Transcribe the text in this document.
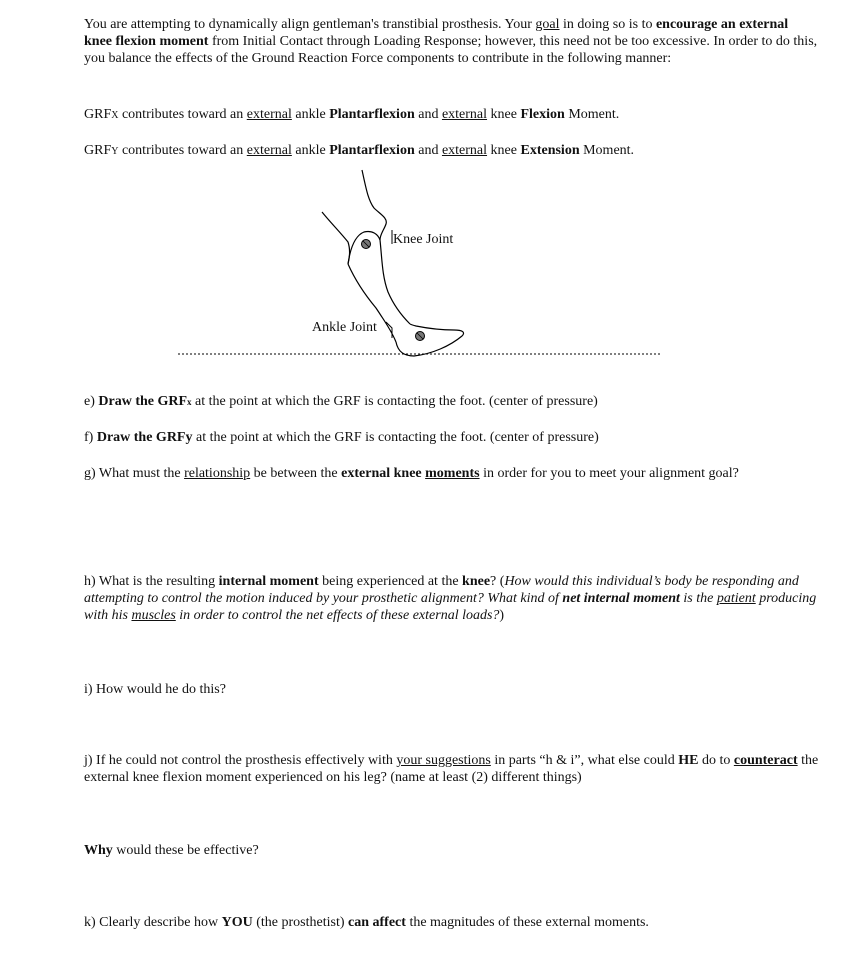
You are attempting to dynamically align gentleman's transtibial prosthesis. Your goal in doing so is to encourage an external knee flexion moment from Initial Contact through Loading Response; however, this need not be too excessive. In order to do this, you balance the effects of the Ground Reaction Force components to contribute in the following manner:

GRFX contributes toward an external ankle Plantarflexion and external knee Flexion Moment.

GRFY contributes toward an external ankle Plantarflexion and external knee Extension Moment.

Knee Joint
Ankle Joint

e) Draw the GRFx at the point at which the GRF is contacting the foot. (center of pressure)

f) Draw the GRFy at the point at which the GRF is contacting the foot. (center of pressure)

g) What must the relationship be between the external knee moments in order for you to meet your alignment goal?

h) What is the resulting internal moment being experienced at the knee? (How would this individual’s body be responding and attempting to control the motion induced by your prosthetic alignment? What kind of net internal moment is the patient producing with his muscles in order to control the net effects of these external loads?)

i) How would he do this?

j) If he could not control the prosthesis effectively with your suggestions in parts “h & i”, what else could HE do to counteract the external knee flexion moment experienced on his leg? (name at least (2) different things)

Why would these be effective?

k) Clearly describe how YOU (the prosthetist) can affect the magnitudes of these external moments.
